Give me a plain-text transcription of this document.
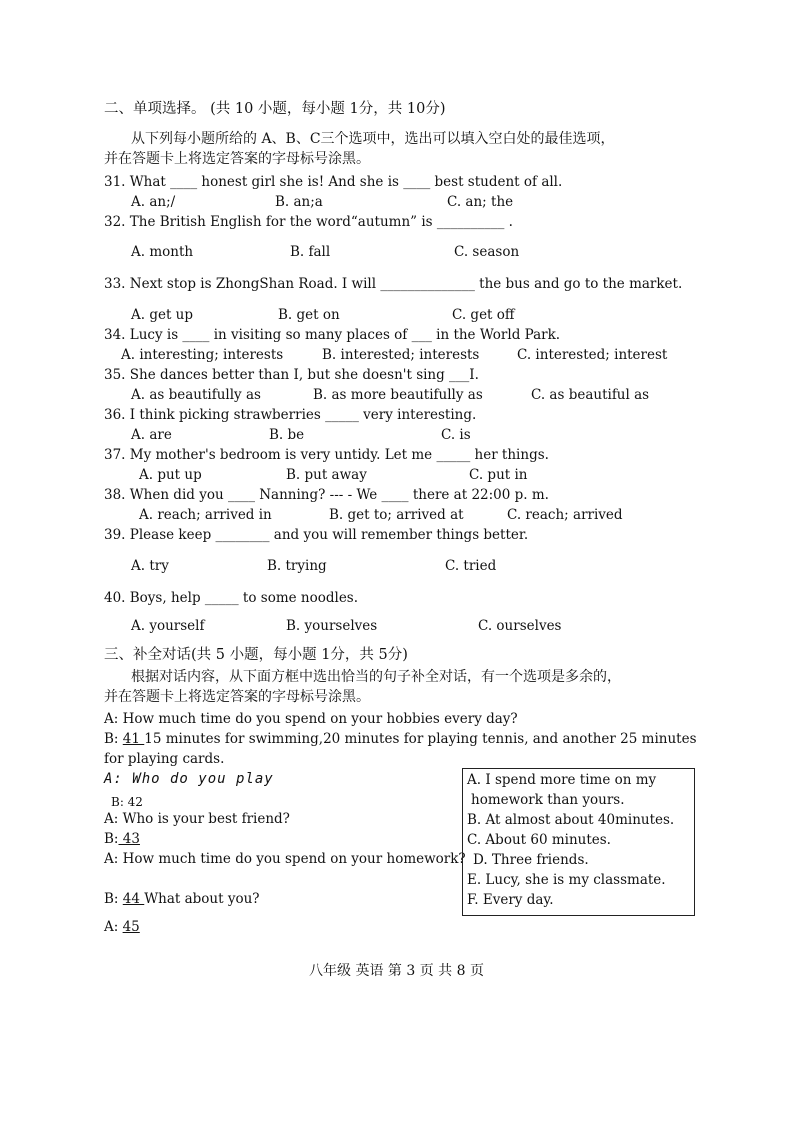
二、单项选择。 (共 10 小题，每小题 1分，共 10分)
从下列每小题所给的 A、B、C三个选项中，选出可以填入空白处的最佳选项，
并在答题卡上将选定答案的字母标号涂黑。
31. What ____ honest girl she is! And she is ____ best student of all.
A. an;/	B. an;a	C. an; the
32. The British English for the word“autumn” is __________ .
A. month	B. fall	C. season
33. Next stop is ZhongShan Road. I will ______________ the bus and go to the market.
A. get up	B. get on	C. get off
34. Lucy is ____ in visiting so many places of ___ in the World Park.
A. interesting; interests	B. interested; interests	C. interested; interest
35. She dances better than I, but she doesn't sing ___I.
A. as beautifully as	B. as more beautifully as	C. as beautiful as
36. I think picking strawberries _____ very interesting.
A. are	B. be	C. is
37. My mother's bedroom is very untidy. Let me _____ her things.
A. put up	B. put away	C. put in
38. When did you ____ Nanning? --- - We ____ there at 22:00 p. m.
A. reach; arrived in	B. get to; arrived at	C. reach; arrived
39. Please keep ________ and you will remember things better.
A. try	B. trying	C. tried
40. Boys, help _____ to some noodles.
A. yourself	B. yourselves	C. ourselves
三、补全对话(共 5 小题，每小题 1分，共 5分)
根据对话内容，从下面方框中选出恰当的句子补全对话，有一个选项是多余的，
并在答题卡上将选定答案的字母标号涂黑。
A: How much time do you spend on your hobbies every day?
B: 41 15 minutes for swimming,20 minutes for playing tennis, and another 25 minutes
for playing cards.
A: Who do you play
B: 42
A: Who is your best friend?
B: 43
A: How much time do you spend on your homework?
B: 44 What about you?
A: 45
A. I spend more time on my
homework than yours.
B. At almost about 40minutes.
C. About 60 minutes.
D. Three friends.
E. Lucy, she is my classmate.
F. Every day.
八年级 英语 第 3 页 共 8 页
